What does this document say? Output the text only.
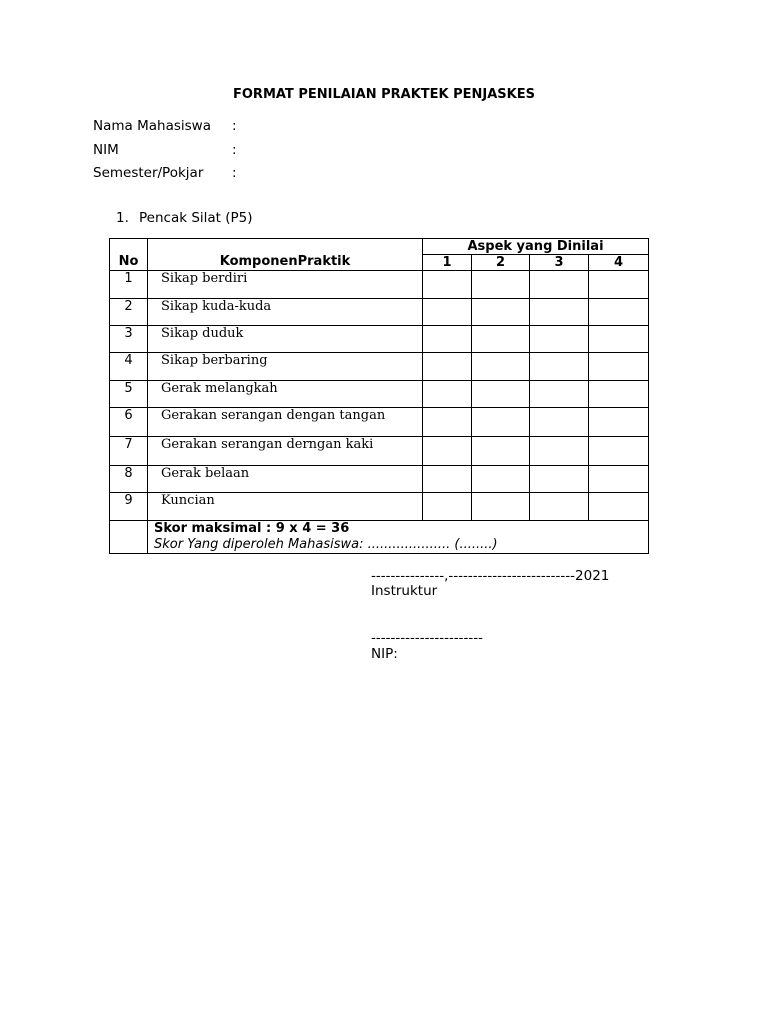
FORMAT PENILAIAN PRAKTEK PENJASKES
Nama Mahasiswa :
NIM	:
Semester/Pokjar :
1. Pencak Silat (P5)
No	KomponenPraktik	Aspek yang Dinilai			
		1	2	3	4
1	Sikap berdiri				
2	Sikap kuda-kuda				
3	Sikap duduk				
4	Sikap berbaring				
5	Gerak melangkah				
6	Gerakan serangan dengan tangan				
7	Gerakan serangan derngan kaki				
8	Gerak belaan				
9	Kuncian				

	Skor maksimal : 9 x 4 = 36
Skor Yang diperoleh Mahasiswa: .................... (........)				
---------------,--------------------------2021
Instruktur
-----------------------
NIP:
